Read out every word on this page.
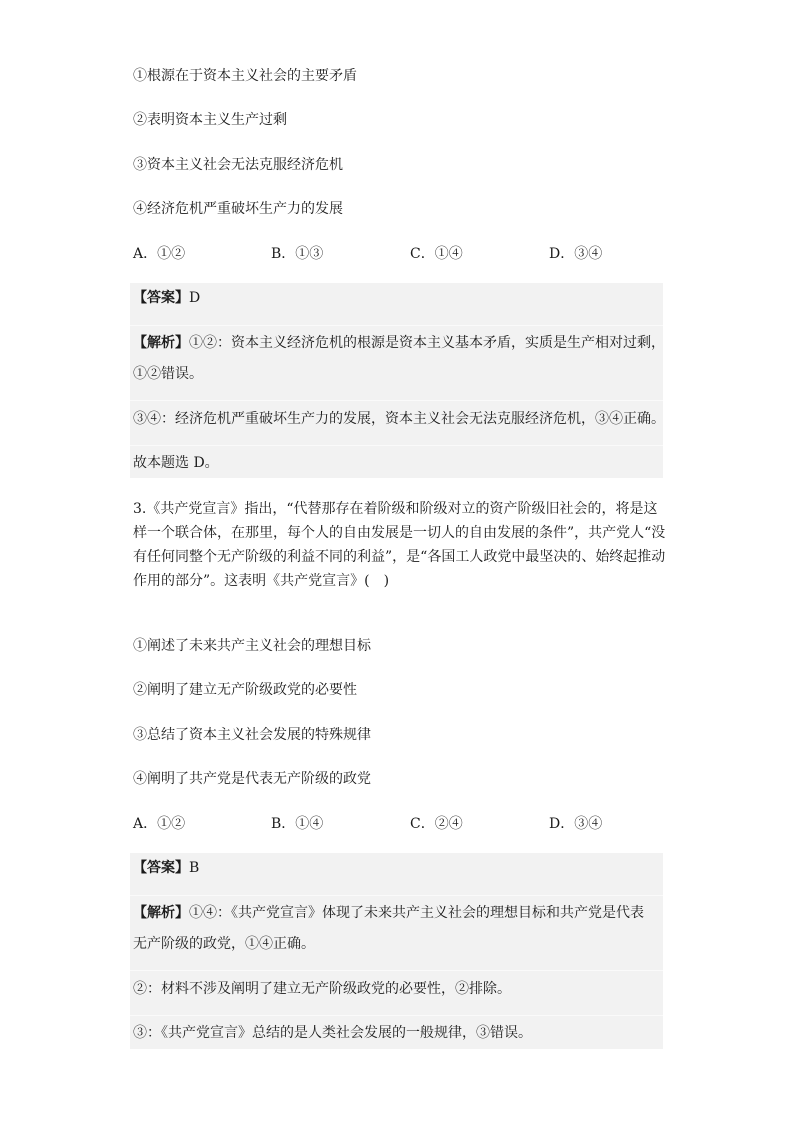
①根源在于资本主义社会的主要矛盾
②表明资本主义生产过剩
③资本主义社会无法克服经济危机
④经济危机严重破坏生产力的发展
A．①②	B．①③	C．①④	D．③④
【答案】D
【解析】①②：资本主义经济危机的根源是资本主义基本矛盾，实质是生产相对过剩，
①②错误。
③④：经济危机严重破坏生产力的发展，资本主义社会无法克服经济危机，③④正确。
故本题选 D。
3.《共产党宣言》指出，“代替那存在着阶级和阶级对立的资产阶级旧社会的，将是这
样一个联合体，在那里，每个人的自由发展是一切人的自由发展的条件”，共产党人“没
有任何同整个无产阶级的利益不同的利益”，是“各国工人政党中最坚决的、始终起推动
作用的部分”。这表明《共产党宣言》(　)
①阐述了未来共产主义社会的理想目标
②阐明了建立无产阶级政党的必要性
③总结了资本主义社会发展的特殊规律
④阐明了共产党是代表无产阶级的政党
A．①②	B．①④	C．②④	D．③④
【答案】B
【解析】①④：《共产党宣言》体现了未来共产主义社会的理想目标和共产党是代表
无产阶级的政党，①④正确。
②：材料不涉及阐明了建立无产阶级政党的必要性，②排除。
③：《共产党宣言》总结的是人类社会发展的一般规律，③错误。
